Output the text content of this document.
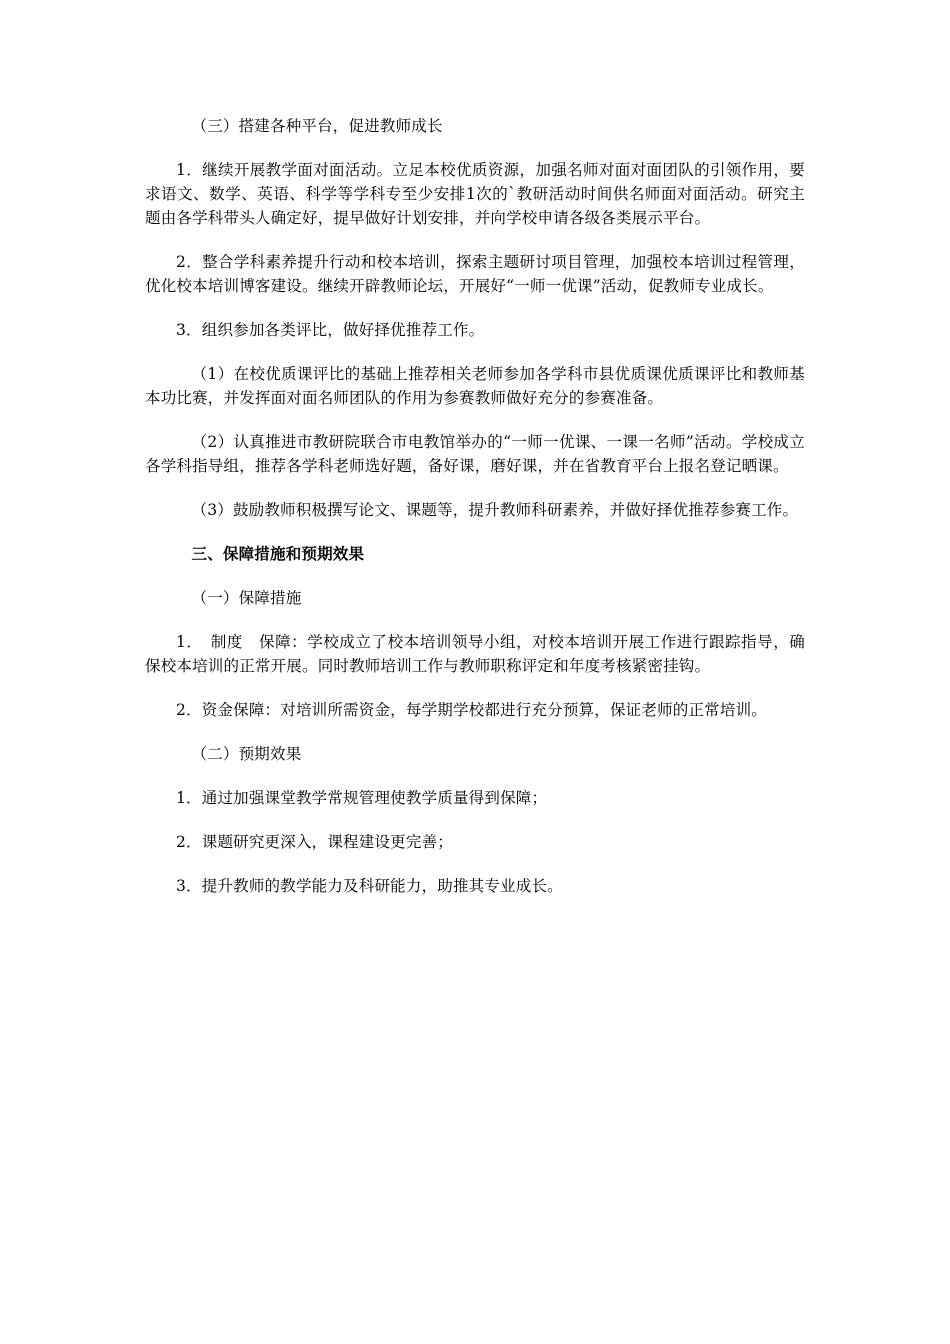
（三）搭建各种平台，促进教师成长

1．继续开展教学面对面活动。立足本校优质资源，加强名师对面对面团队的引领作用，要求语文、数学、英语、科学等学科专至少安排1次的`教研活动时间供名师面对面活动。研究主题由各学科带头人确定好，提早做好计划安排，并向学校申请各级各类展示平台。

2．整合学科素养提升行动和校本培训，探索主题研讨项目管理，加强校本培训过程管理，优化校本培训博客建设。继续开辟教师论坛，开展好“一师一优课”活动，促教师专业成长。

3．组织参加各类评比，做好择优推荐工作。

（1）在校优质课评比的基础上推荐相关老师参加各学科市县优质课优质课评比和教师基本功比赛，并发挥面对面名师团队的作用为参赛教师做好充分的参赛准备。

（2）认真推进市教研院联合市电教馆举办的“一师一优课、一课一名师”活动。学校成立各学科指导组，推荐各学科老师选好题，备好课，磨好课，并在省教育平台上报名登记晒课。

（3）鼓励教师积极撰写论文、课题等，提升教师科研素养，并做好择优推荐参赛工作。

三、保障措施和预期效果

（一）保障措施

1．　制度　保障：学校成立了校本培训领导小组，对校本培训开展工作进行跟踪指导，确保校本培训的正常开展。同时教师培训工作与教师职称评定和年度考核紧密挂钩。

2．资金保障：对培训所需资金，每学期学校都进行充分预算，保证老师的正常培训。

（二）预期效果

1．通过加强课堂教学常规管理使教学质量得到保障；

2．课题研究更深入，课程建设更完善；

3．提升教师的教学能力及科研能力，助推其专业成长。
